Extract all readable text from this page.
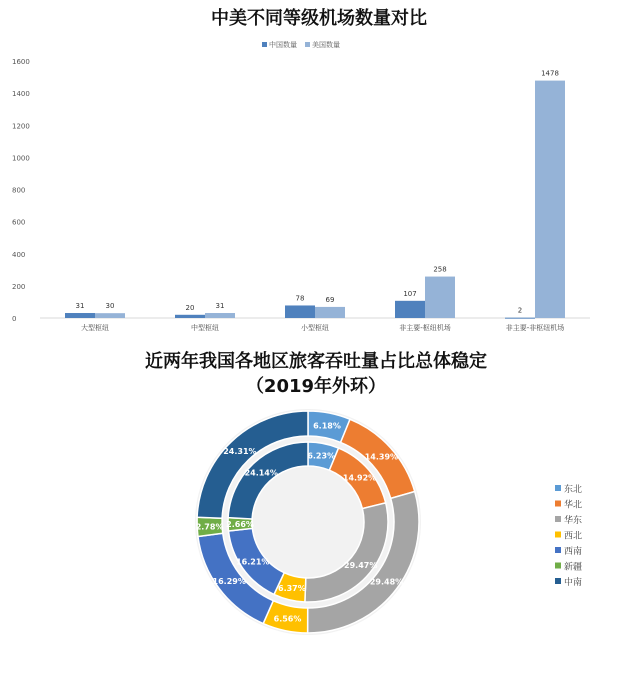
中美不同等级机场数量对比
中国数量 美国数量
0
200
400
600
800
1000
1200
1400
1600
31	30	20	31
78	69
107
258
2
1478
大型枢纽	中型枢纽	小型枢纽	非主要-枢纽机场	非主要-非枢纽机场
近两年我国各地区旅客吞吐量占比总体稳定
（2019年外环）
6.18%
14.39%
29.48%
6.56%
16.29%
2.78%
24.31%	6.23%
14.92%
29.47%
6.37%
16.21%
2.66%
24.14%
东北
华北
华东
西北
西南
新疆
中南
